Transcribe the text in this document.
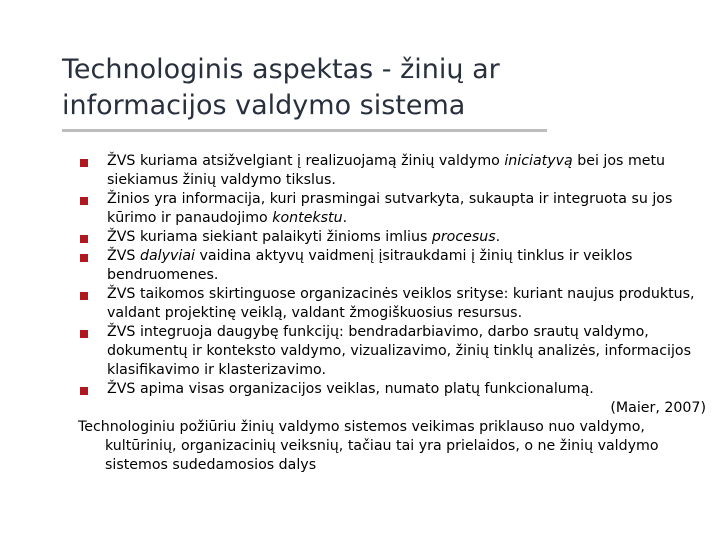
Technologinis aspektas - žinių ar informacijos valdymo sistema
ŽVS kuriama atsižvelgiant į realizuojamą žinių valdymo iniciatyvą bei jos metu siekiamus žinių valdymo tikslus.
Žinios yra informacija, kuri prasmingai sutvarkyta, sukaupta ir integruota su jos kūrimo ir panaudojimo kontekstu.
ŽVS kuriama siekiant palaikyti žinioms imlius procesus.
ŽVS dalyviai vaidina aktyvų vaidmenį įsitraukdami į žinių tinklus ir veiklos bendruomenes.
ŽVS taikomos skirtinguose organizacinės veiklos srityse: kuriant naujus produktus, valdant projektinę veiklą, valdant žmogiškuosius resursus.
ŽVS integruoja daugybę funkcijų: bendradarbiavimo, darbo srautų valdymo, dokumentų ir konteksto valdymo, vizualizavimo, žinių tinklų analizės, informacijos klasifikavimo ir klasterizavimo.
ŽVS apima visas organizacijos veiklas, numato platų funkcionalumą.
(Maier, 2007)
Technologiniu požiūriu žinių valdymo sistemos veikimas priklauso nuo valdymo, kultūrinių, organizacinių veiksnių, tačiau tai yra prielaidos, o ne žinių valdymo sistemos sudedamosios dalys
